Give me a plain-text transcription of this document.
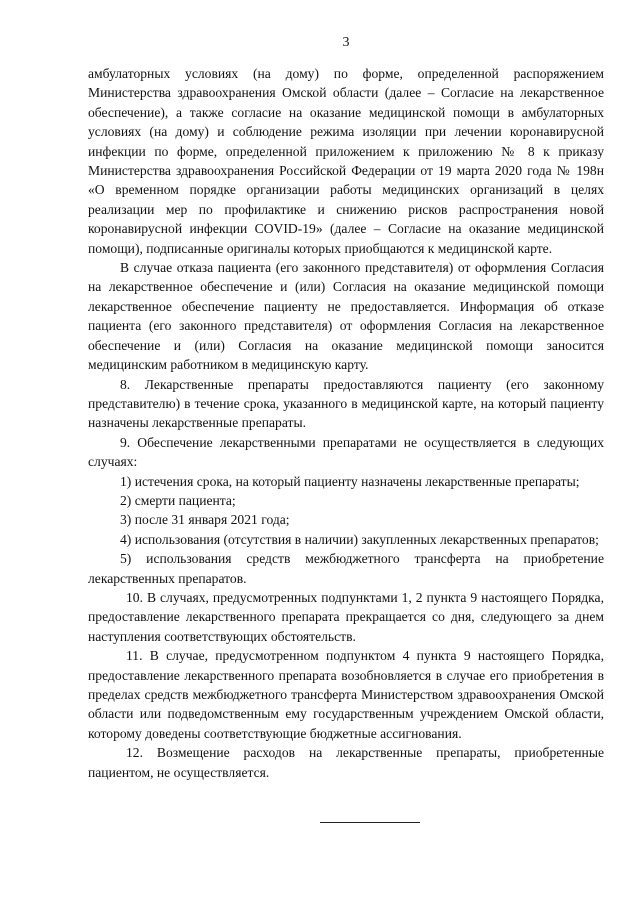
3

амбулаторных условиях (на дому) по форме, определенной распоряжением Министерства здравоохранения Омской области (далее – Согласие на лекарственное обеспечение), а также согласие на оказание медицинской помощи в амбулаторных условиях (на дому) и соблюдение режима изоляции при лечении коронавирусной инфекции по форме, определенной приложением к приложению № 8 к приказу Министерства здравоохранения Российской Федерации от 19 марта 2020 года № 198н «О временном порядке организации работы медицинских организаций в целях реализации мер по профилактике и снижению рисков распространения новой коронавирусной инфекции COVID-19» (далее – Согласие на оказание медицинской помощи), подписанные оригиналы которых приобщаются к медицинской карте.

В случае отказа пациента (его законного представителя) от оформления Согласия на лекарственное обеспечение и (или) Согласия на оказание медицинской помощи лекарственное обеспечение пациенту не предоставляется. Информация об отказе пациента (его законного представителя) от оформления Согласия на лекарственное обеспечение и (или) Согласия на оказание медицинской помощи заносится медицинским работником в медицинскую карту.

8. Лекарственные препараты предоставляются пациенту (его законному представителю) в течение срока, указанного в медицинской карте, на который пациенту назначены лекарственные препараты.

9. Обеспечение лекарственными препаратами не осуществляется в следующих случаях:

1) истечения срока, на который пациенту назначены лекарственные препараты;

2) смерти пациента;

3) после 31 января 2021 года;

4) использования (отсутствия в наличии) закупленных лекарственных препаратов;

5) использования средств межбюджетного трансферта на приобретение лекарственных препаратов.

10. В случаях, предусмотренных подпунктами 1, 2 пункта 9 настоящего Порядка, предоставление лекарственного препарата прекращается со дня, следующего за днем наступления соответствующих обстоятельств.

11. В случае, предусмотренном подпунктом 4 пункта 9 настоящего Порядка, предоставление лекарственного препарата возобновляется в случае его приобретения в пределах средств межбюджетного трансферта Министерством здравоохранения Омской области или подведомственным ему государственным учреждением Омской области, которому доведены соответствующие бюджетные ассигнования.

12. Возмещение расходов на лекарственные препараты, приобретенные пациентом, не осуществляется.
